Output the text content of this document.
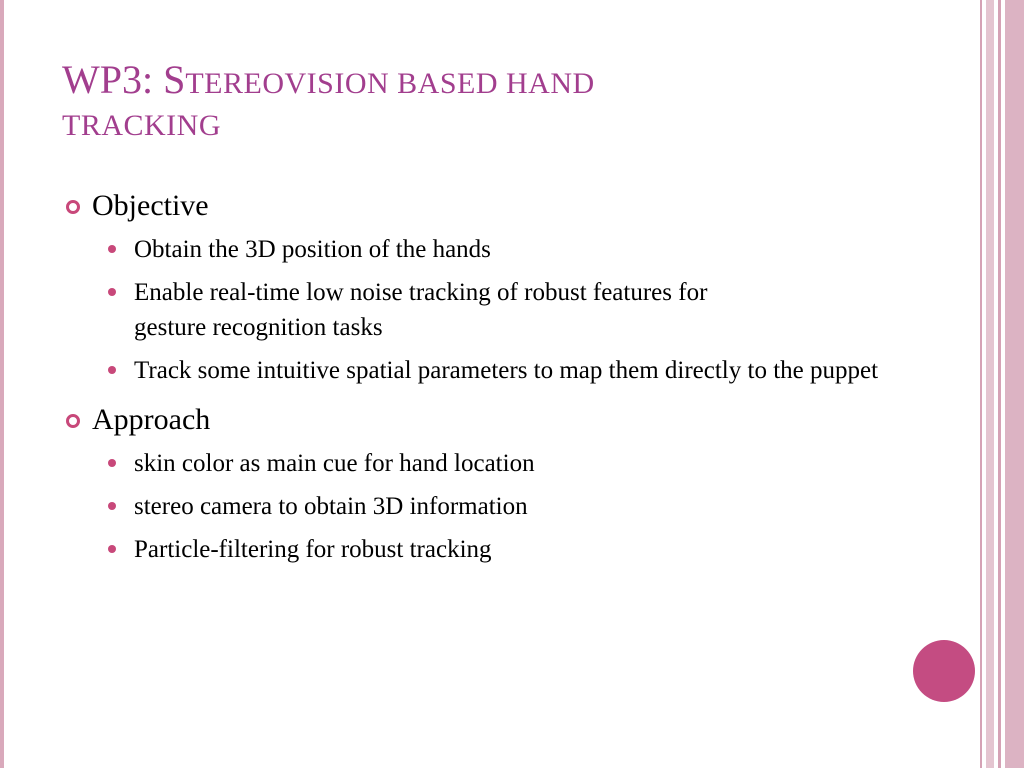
WP3: STEREOVISION BASED HAND
TRACKING
Objective
Obtain the 3D position of the hands
Enable real-time low noise tracking of robust features for gesture recognition tasks
Track some intuitive spatial parameters to map them directly to the puppet
Approach
skin color as main cue for hand location
stereo camera to obtain 3D information
Particle-filtering for robust tracking
